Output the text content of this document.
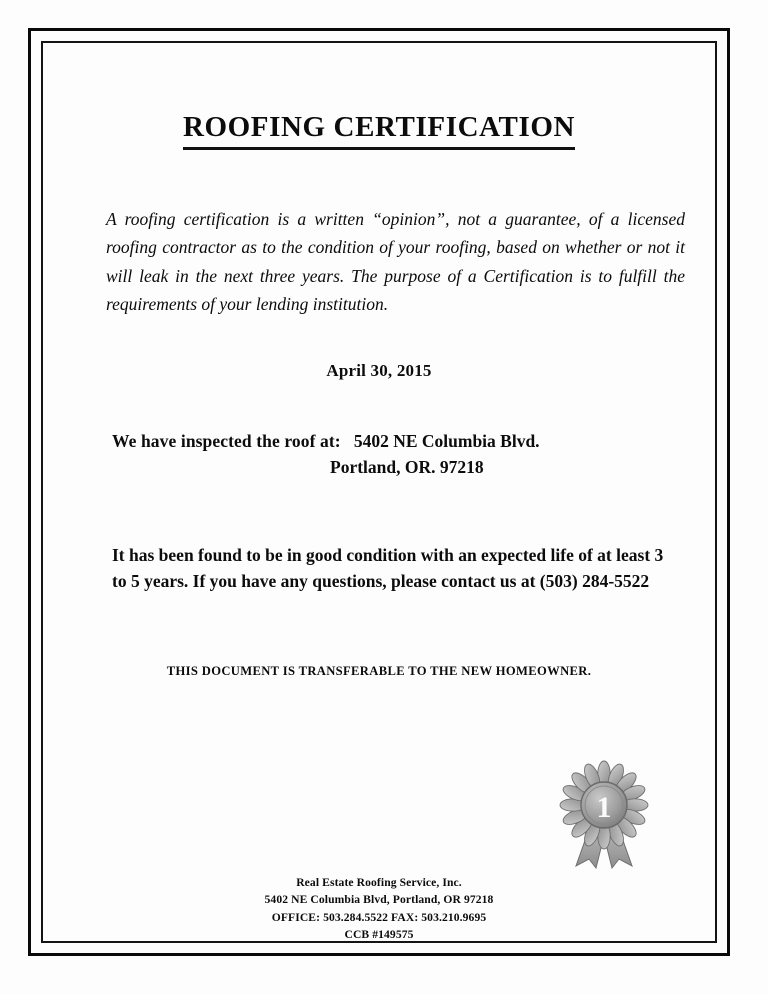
ROOFING CERTIFICATION

A roofing certification is a written “opinion”, not a guarantee, of a licensed roofing contractor as to the condition of your roofing, based on whether or not it will leak in the next three years. The purpose of a Certification is to fulfill the requirements of your lending institution.

April 30, 2015
We have inspected the roof at: 5402 NE Columbia Blvd.
Portland, OR. 97218

It has been found to be in good condition with an expected life of at least 3 to 5 years. If you have any questions, please contact us at (503) 284-5522

THIS DOCUMENT IS TRANSFERABLE TO THE NEW HOMEOWNER.
1
Real Estate Roofing Service, Inc.
5402 NE Columbia Blvd, Portland, OR 97218
OFFICE: 503.284.5522 FAX: 503.210.9695
CCB #149575
